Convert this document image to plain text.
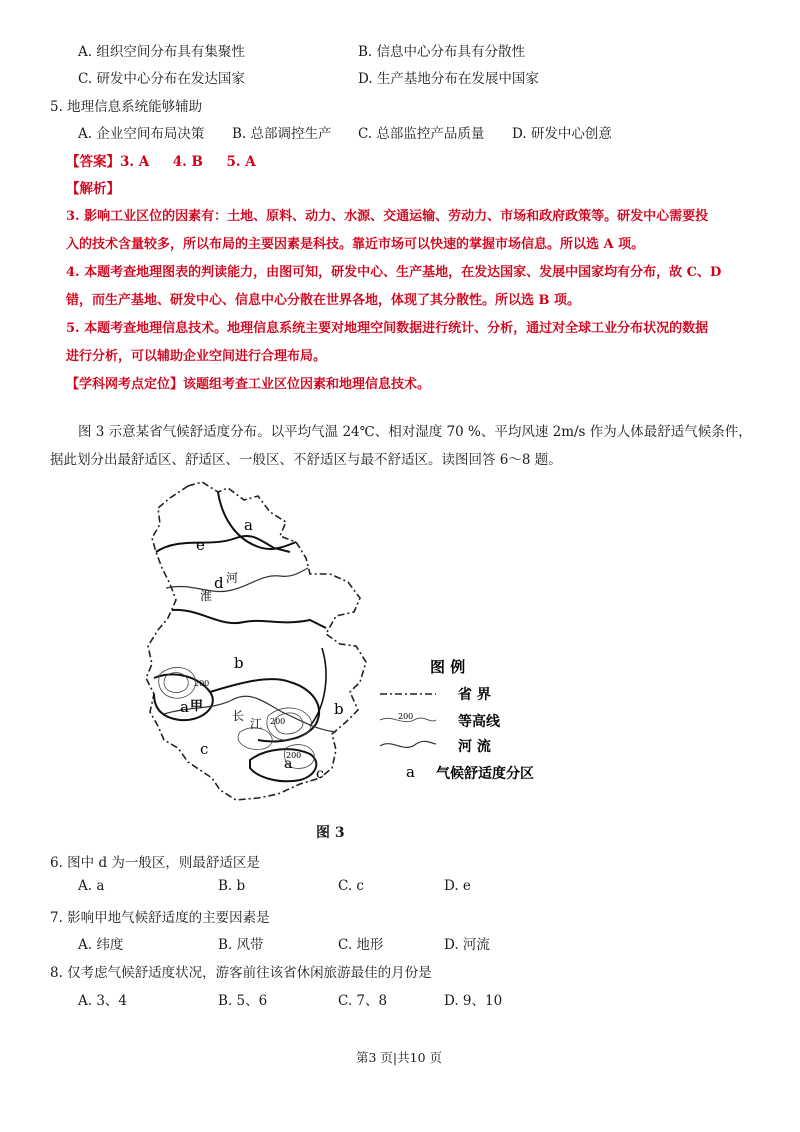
A. 组织空间分布具有集聚性	B. 信息中心分布具有分散性
C. 研发中心分布在发达国家	D. 生产基地分布在发展中国家
5. 地理信息系统能够辅助
A. 企业空间布局决策 B. 总部调控生产 C. 总部监控产品质量 D. 研发中心创意
【答案】3. A     4. B     5. A
【解析】
3. 影响工业区位的因素有：土地、原料、动力、水源、交通运输、劳动力、市场和政府政策等。研发中心需要投
入的技术含量较多，所以布局的主要因素是科技。靠近市场可以快速的掌握市场信息。所以选 A 项。
4. 本题考查地理图表的判读能力，由图可知，研发中心、生产基地，在发达国家、发展中国家均有分布，故 C、D
错，而生产基地、研发中心、信息中心分散在世界各地，体现了其分散性。所以选 B 项。
5. 本题考查地理信息技术。地理信息系统主要对地理空间数据进行统计、分析，通过对全球工业分布状况的数据
进行分析，可以辅助企业空间进行合理布局。
【学科网考点定位】该题组考查工业区位因素和地理信息技术。
图 3 示意某省气候舒适度分布。以平均气温 24℃、相对湿度 70 %、平均风速 2m/s 作为人体最舒适气候条件，
据此划分出最舒适区、舒适区、一般区、不舒适区与最不舒适区。读图回答 6～8 题。
a
e
d
b
a
c
b
a
c
河
淮
长
江
甲
200
200
200
图 例
省 界
200	等高线
河 流
a 气候舒适度分区
图 3
6. 图中 d 为一般区，则最舒适区是
A. a	B. b	C. c	D. e
7. 影响甲地气候舒适度的主要因素是
A. 纬度	B. 风带	C. 地形	D. 河流
8. 仅考虑气候舒适度状况，游客前往该省休闲旅游最佳的月份是
A. 3、4	B. 5、6	C. 7、8	D. 9、10
第3 页|共10 页
